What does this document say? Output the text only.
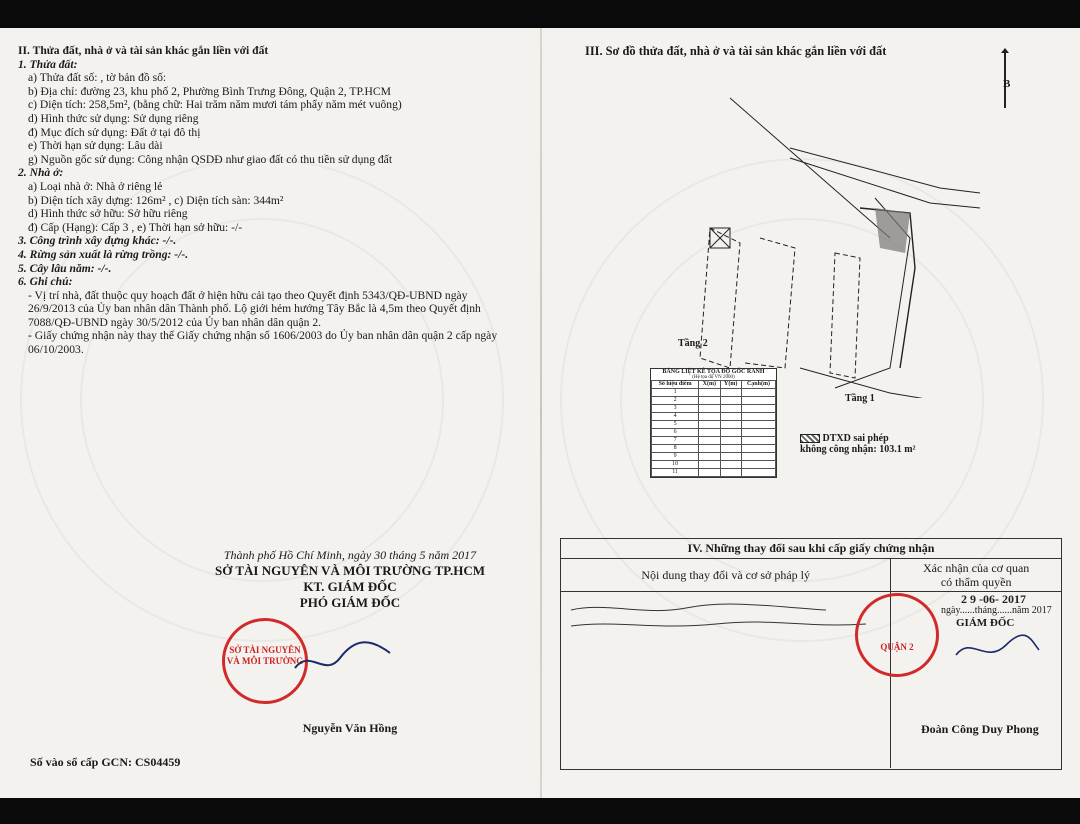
II. Thửa đất, nhà ở và tài sản khác gắn liền với đất
1. Thửa đất:
a) Thửa đất số: , tờ bản đồ số:
b) Địa chỉ: đường 23, khu phố 2, Phường Bình Trưng Đông, Quận 2, TP.HCM
c) Diện tích: 258,5m², (bằng chữ: Hai trăm năm mươi tám phẩy năm mét vuông)
d) Hình thức sử dụng: Sử dụng riêng
đ) Mục đích sử dụng: Đất ở tại đô thị
e) Thời hạn sử dụng: Lâu dài
g) Nguồn gốc sử dụng: Công nhận QSDĐ như giao đất có thu tiền sử dụng đất
2. Nhà ở:
a) Loại nhà ở: Nhà ở riêng lẻ
b) Diện tích xây dựng: 126m² , c) Diện tích sàn: 344m²
d) Hình thức sở hữu: Sở hữu riêng
đ) Cấp (Hạng): Cấp 3 , e) Thời hạn sở hữu: -/-
3. Công trình xây dựng khác: -/-.
4. Rừng sản xuất là rừng trồng: -/-.
5. Cây lâu năm: -/-.
6. Ghi chú:
- Vị trí nhà, đất thuộc quy hoạch đất ở hiện hữu cải tạo theo Quyết định 5343/QĐ-UBND ngày 26/9/2013 của Ủy ban nhân dân Thành phố. Lộ giới hẻm hướng Tây Bắc là 4,5m theo Quyết định 7088/QĐ-UBND ngày 30/5/2012 của Ủy ban nhân dân quận 2.
- Giấy chứng nhận này thay thế Giấy chứng nhận số 1606/2003 do Ủy ban nhân dân quận 2 cấp ngày 06/10/2003.
Thành phố Hồ Chí Minh, ngày 30 tháng 5 năm 2017
SỞ TÀI NGUYÊN VÀ MÔI TRƯỜNG TP.HCM
KT. GIÁM ĐỐC
PHÓ GIÁM ĐỐC
Nguyễn Văn Hồng
SỞ TÀI NGUYÊN VÀ MÔI TRƯỜNG
Số vào sổ cấp GCN: CS04459
III. Sơ đồ thửa đất, nhà ở và tài sản khác gắn liền với đất
B
Tầng 2
Tầng 1
BẢNG LIỆT KÊ TỌA ĐỘ GÓC RANH
(Hệ tọa độ VN 2000)
Số hiệu điểm	X(m)	Y(m)	Cạnh(m)
1			
2			
3			
4			
5			
6			
7			
8			
9			
10			
11			
DTXD sai phép
không công nhận: 103.1 m²
IV. Những thay đổi sau khi cấp giấy chứng nhận
Nội dung thay đổi và cơ sở pháp lý	Xác nhận của cơ quan
có thẩm quyền
2 9 -06- 2017
ngày......tháng......năm 2017
GIÁM ĐỐC
Đoàn Công Duy Phong
QUẬN 2
